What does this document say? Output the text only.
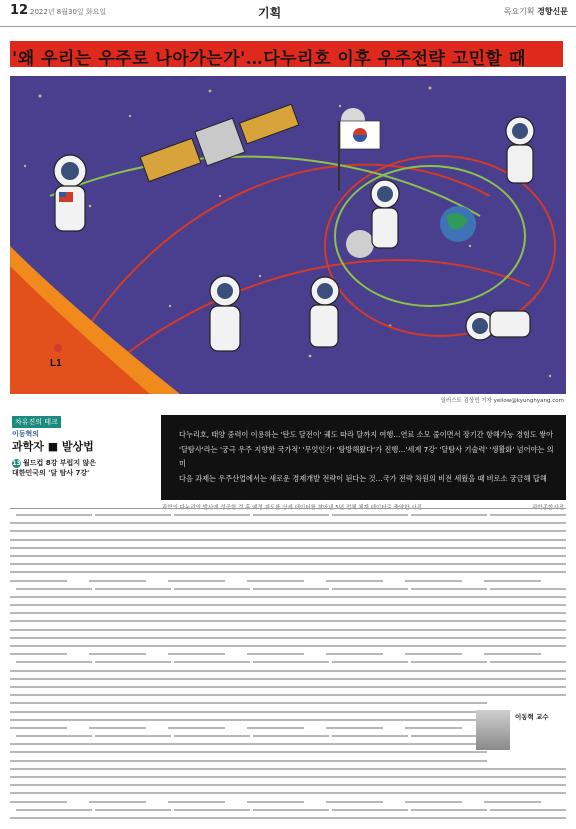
12 2022년 8월30일 화요일	기획	목요기획 경향신문
'왜 우리는 우주로 나아가는가'…다누리호 이후 우주전략 고민할 때
L1
일러스트 김상민 기자 yellow@kyunghyang.com
차유진의 테크
이동혁의
과학자 ■ 발상법
13 월드컵 8강 부럽지 않은
대한민국의 '달 탐사 7강'
다누리호, 태양 중력이 이용하는 '탄도 달전이' 궤도 따라 달까지 여행…연료 소모 줄이면서 장기간 항해가능 경험도 쌓아
'달탐사'라는 '궁극 우주 지향한 국가적' '무엇인가' '탐방해왔다'가 진행…'세계 7강' '달탐사 기술력' '생활화' 넘어야는 의미
다음 과제는 우주산업에서는 새로운 경제개발 전략이 된다는 것…국가 전략 차원의 비전 세웠을 때 비로소 궁금해 답해
과학의 다누리의 발사에 성공한 것 후 예정 궤도를 상세 데이터를 찾아낸 5년 전체 체계 데이터로 축약한 사진.	과학종합사진
이동혁 교수
